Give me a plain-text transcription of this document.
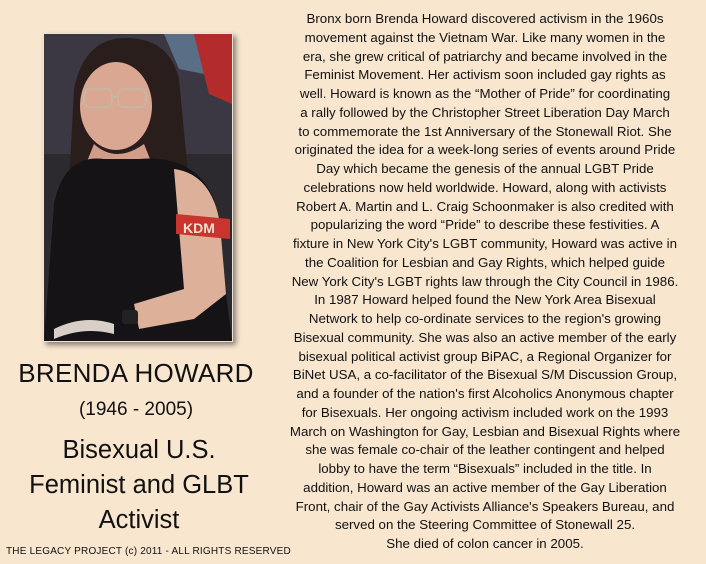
KDM
BRENDA HOWARD
(1946 - 2005)
Bisexual U.S.
Feminist and GLBT
Activist
THE LEGACY PROJECT (c) 2011 - ALL RIGHTS RESERVED
Bronx born Brenda Howard discovered activism in the 1960s
movement against the Vietnam War. Like many women in the
era, she grew critical of patriarchy and became involved in the
Feminist Movement. Her activism soon included gay rights as
well. Howard is known as the “Mother of Pride” for coordinating
a rally followed by the Christopher Street Liberation Day March
to commemorate the 1st Anniversary of the Stonewall Riot. She
originated the idea for a week-long series of events around Pride
Day which became the genesis of the annual LGBT Pride
celebrations now held worldwide. Howard, along with activists
Robert A. Martin and L. Craig Schoonmaker is also credited with
popularizing the word “Pride” to describe these festivities. A
fixture in New York City's LGBT community, Howard was active in
the Coalition for Lesbian and Gay Rights, which helped guide
New York City's LGBT rights law through the City Council in 1986.
In 1987 Howard helped found the New York Area Bisexual
Network to help co-ordinate services to the region's growing
Bisexual community. She was also an active member of the early
bisexual political activist group BiPAC, a Regional Organizer for
BiNet USA, a co-facilitator of the Bisexual S/M Discussion Group,
and a founder of the nation's first Alcoholics Anonymous chapter
for Bisexuals. Her ongoing activism included work on the 1993
March on Washington for Gay, Lesbian and Bisexual Rights where
she was female co-chair of the leather contingent and helped
lobby to have the term “Bisexuals” included in the title. In
addition, Howard was an active member of the Gay Liberation
Front, chair of the Gay Activists Alliance's Speakers Bureau, and
served on the Steering Committee of Stonewall 25.
She died of colon cancer in 2005.
